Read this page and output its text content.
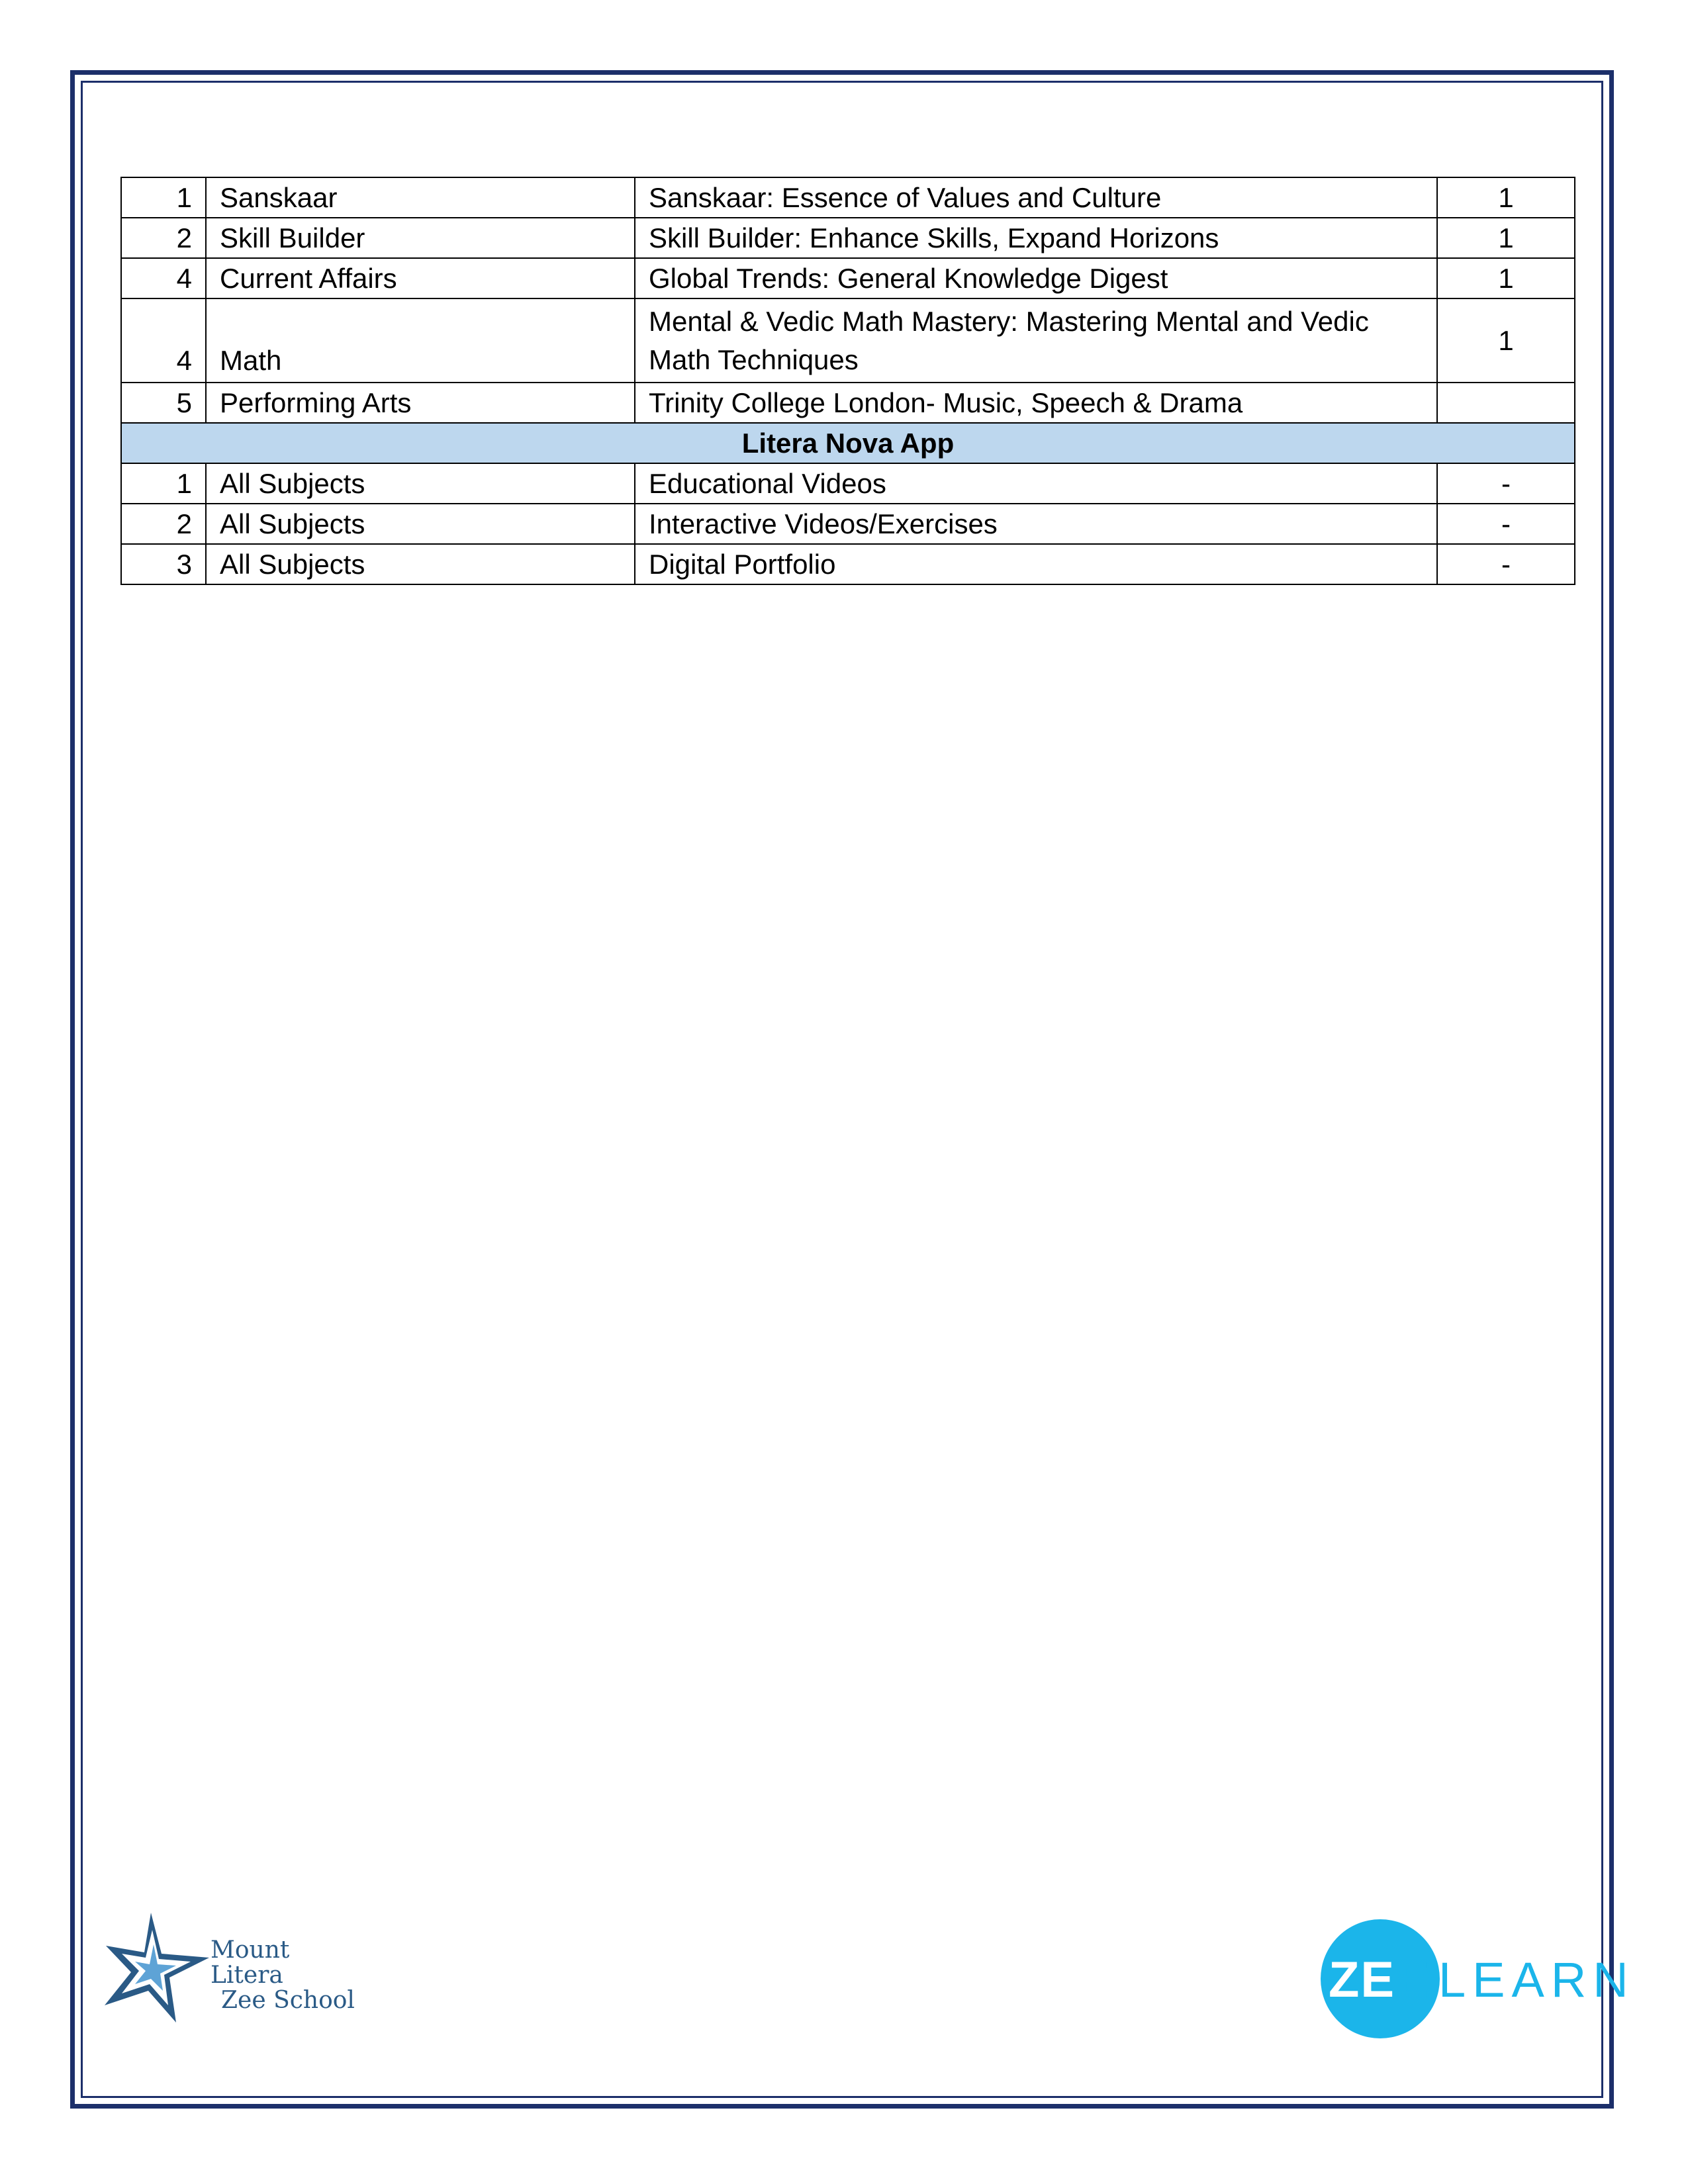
1	Sanskaar	Sanskaar: Essence of Values and Culture	1
2	Skill Builder	Skill Builder: Enhance Skills, Expand Horizons	1
4	Current Affairs	Global Trends: General Knowledge Digest	1
4	Math	Mental & Vedic Math Mastery: Mastering Mental and Vedic Math Techniques	1
5	Performing Arts	Trinity College London- Music, Speech & Drama	
Litera Nova App			
1	All Subjects	Educational Videos	-
2	All Subjects	Interactive Videos/Exercises	-
3	All Subjects	Digital Portfolio	-
Mount Litera
Zee School	ZEE LEARN
